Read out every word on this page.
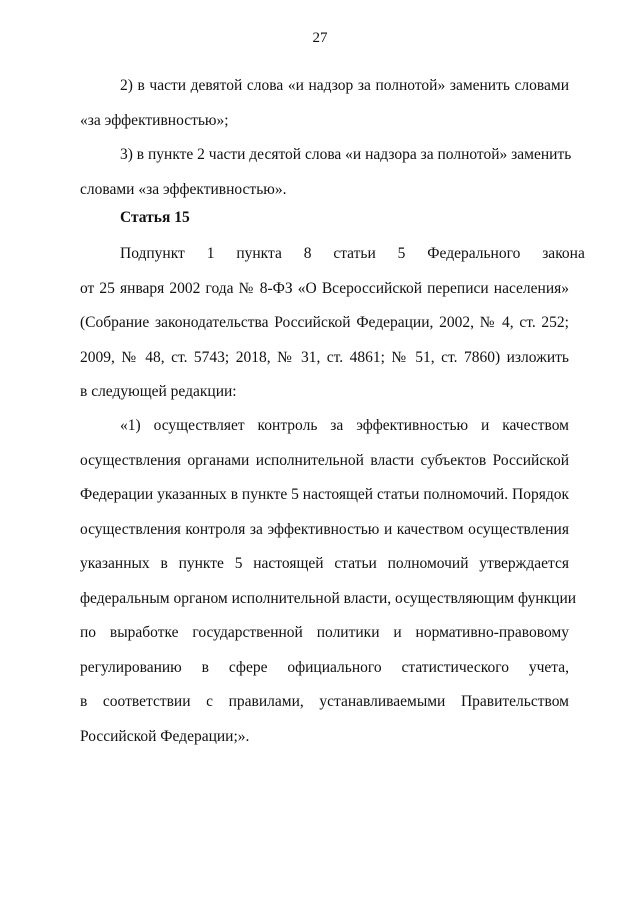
27
2) в части девятой слова «и надзор за полнотой» заменить словами
«за эффективностью»;
3) в пункте 2 части десятой слова «и надзора за полнотой» заменить
словами «за эффективностью».
Статья 15
Подпункт 1 пункта 8 статьи 5 Федерального закона
от 25 января 2002 года № 8-ФЗ «О Всероссийской переписи населения»
(Собрание законодательства Российской Федерации, 2002, № 4, ст. 252;
2009, № 48, ст. 5743; 2018, № 31, ст. 4861; № 51, ст. 7860) изложить
в следующей редакции:
«1) осуществляет контроль за эффективностью и качеством
осуществления органами исполнительной власти субъектов Российской
Федерации указанных в пункте 5 настоящей статьи полномочий. Порядок
осуществления контроля за эффективностью и качеством осуществления
указанных в пункте 5 настоящей статьи полномочий утверждается
федеральным органом исполнительной власти, осуществляющим функции
по выработке государственной политики и нормативно-правовому
регулированию в сфере официального статистического учета,
в соответствии с правилами, устанавливаемыми Правительством
Российской Федерации;».
